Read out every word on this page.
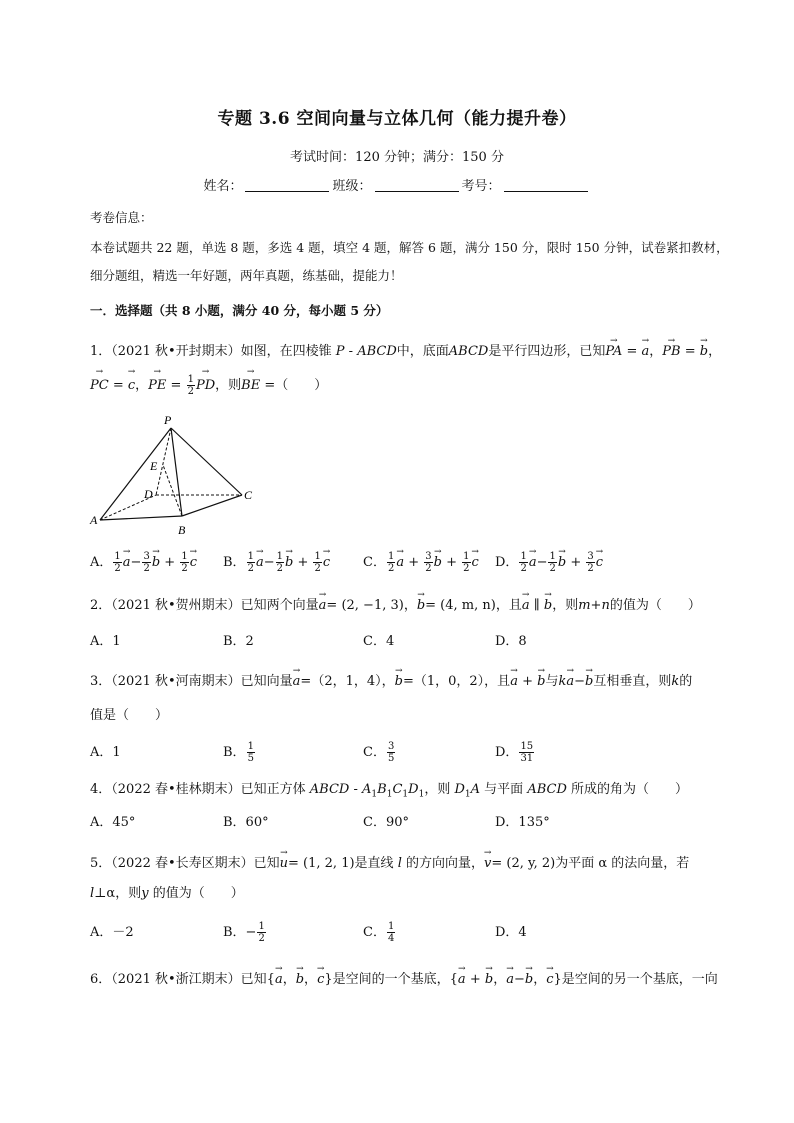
专题 3.6 空间向量与立体几何（能力提升卷）
考试时间：120 分钟；满分：150 分
姓名：	班级：	考号：
考卷信息：
本卷试题共 22 题，单选 8 题，多选 4 题，填空 4 题，解答 6 题，满分 150 分，限时 150 分钟，试卷紧扣教材，
细分题组，精选一年好题，两年真题，练基础，提能力！
一．选择题（共 8 小题，满分 40 分，每小题 5 分）
1．（2021 秋•开封期末）如图，在四棱锥 P - ABCD中，底面ABCD是平行四边形，已知→ PA = → a，→ PB = → b，
→ PC = → c，→ PE = $\frac{1}{2}$
→ PD，则→ BE =（　　）
P
E
D	C
A
B
A． $\frac{1}{2}$
→ $a- \frac{3}{2}$
→ $b + \frac{1}{2}$
→ c B． $\frac{1}{2}$
→ $a- \frac{1}{2}$
→ $b + \frac{1}{2}$
→ c	C． $\frac{1}{2}$
→ $a + \frac{3}{2}$
→ $b + \frac{1}{2}$
→ c D． $\frac{1}{2}$
→ $a- \frac{1}{2}$
→ $b + \frac{3}{2}$
→ c
2．（2021 秋•贺州期末）已知两个向量→ a= (2, −1, 3)，→ b= (4, m, n)，且→ a ∥ → b，则m+n的值为（　　）
A．1	B．2	C．4	D．8
3．（2021 秋•河南期末）已知向量→ a=（2，1，4），→ b=（1，0，2），且→ a + → b与k→ a−→ b互相垂直，则k的
值是（　　）
A．1	B． $\frac{1}{5}$	C． $\frac{3}{5}$	D． $\frac{15}{31}$
4．（2022 春•桂林期末）已知正方体 ABCD - $A_1B_1C_1D_1$，则 $D_1A$ 与平面 ABCD 所成的角为（　　）
A．45°	B．60°	C．90°	D．135°
5．（2022 春•长寿区期末）已知→ u= (1, 2, 1)是直线 l 的方向向量，→ v= (2, y, 2)为平面 α 的法向量，若
l⊥α，则y 的值为（　　）
A．－2	B．− $\frac{1}{2}$	C． $\frac{1}{4}$	D．4
6．（2021 秋•浙江期末）已知{→ a，→ b，→ c}是空间的一个基底，{→ a + → b，→ a−→ b，→ c}是空间的另一个基底，一向
